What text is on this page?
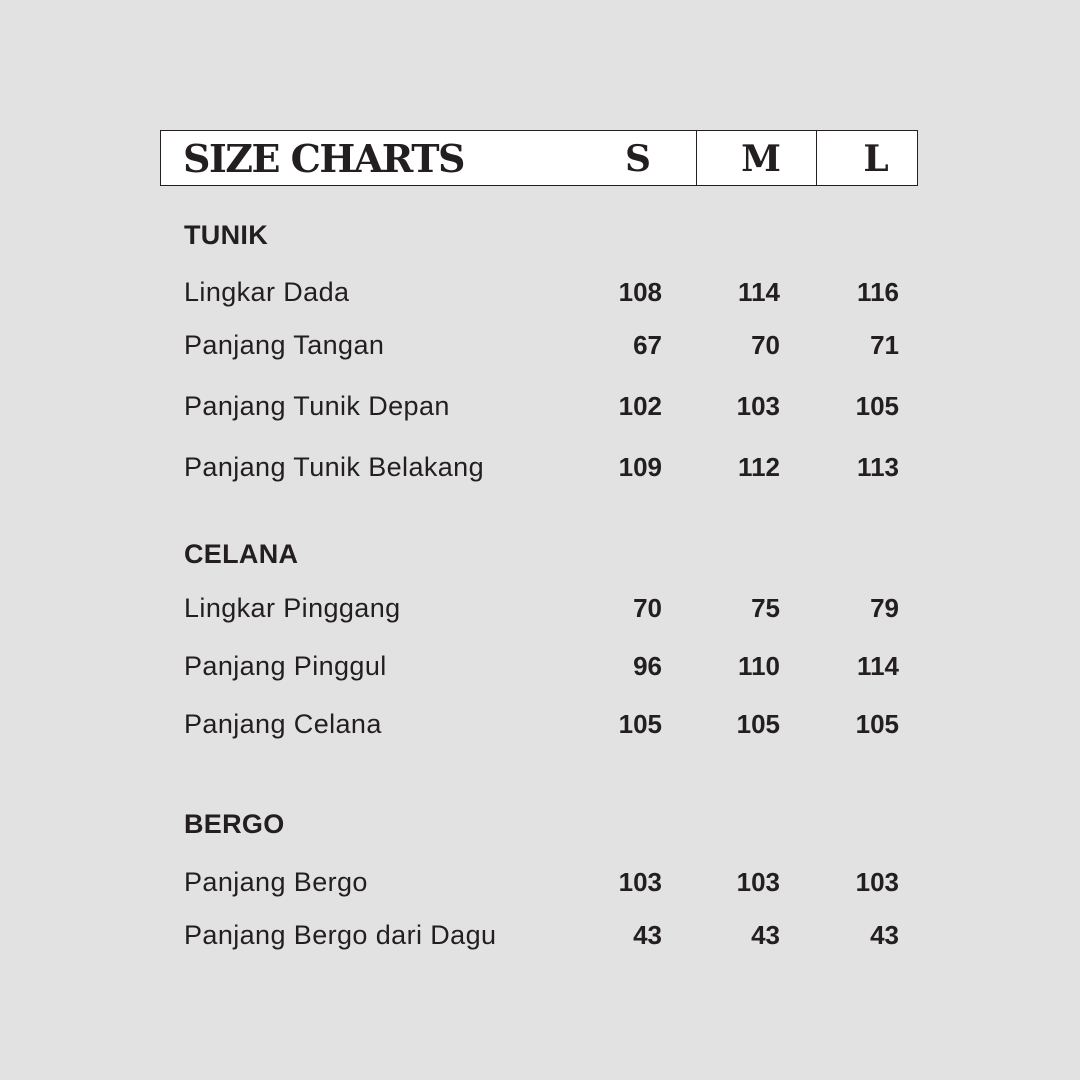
SIZE CHARTS	S	M	L
TUNIK
Lingkar Dada	108	114	116
Panjang Tangan	67	70	71
Panjang Tunik Depan	102	103	105
Panjang Tunik Belakang	109	112	113
CELANA
Lingkar Pinggang	70	75	79
Panjang Pinggul	96	110	114
Panjang Celana	105	105	105
BERGO
Panjang Bergo	103	103	103
Panjang Bergo dari Dagu	43	43	43
